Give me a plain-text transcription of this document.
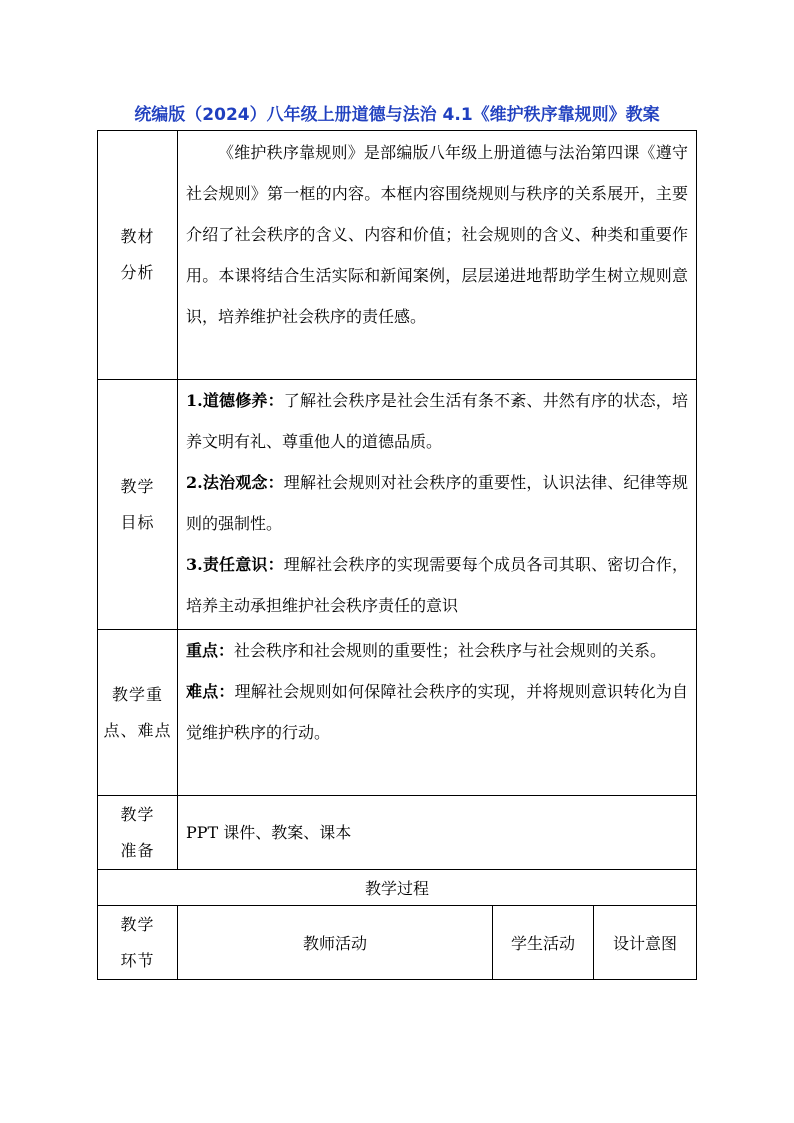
统编版（2024）八年级上册道德与法治 4.1《维护秩序靠规则》教案
教材
分析

《维护秩序靠规则》是部编版八年级上册道德与法治第四课《遵守社会规则》第一框的内容。本框内容围绕规则与秩序的关系展开，主要介绍了社会秩序的含义、内容和价值；社会规则的含义、种类和重要作用。本课将结合生活实际和新闻案例，层层递进地帮助学生树立规则意识，培养维护社会秩序的责任感。

教学
目标

1.道德修养：了解社会秩序是社会生活有条不紊、井然有序的状态，培养文明有礼、尊重他人的道德品质。

2.法治观念：理解社会规则对社会秩序的重要性，认识法律、纪律等规则的强制性。

3.责任意识：理解社会秩序的实现需要每个成员各司其职、密切合作，培养主动承担维护社会秩序责任的意识

教学重
点、难点

重点：社会秩序和社会规则的重要性；社会秩序与社会规则的关系。

难点：理解社会规则如何保障社会秩序的实现，并将规则意识转化为自觉维护秩序的行动。

教学
准备

PPT 课件、教案、课本

教学过程
教学
环节
教师活动	学生活动 设计意图
